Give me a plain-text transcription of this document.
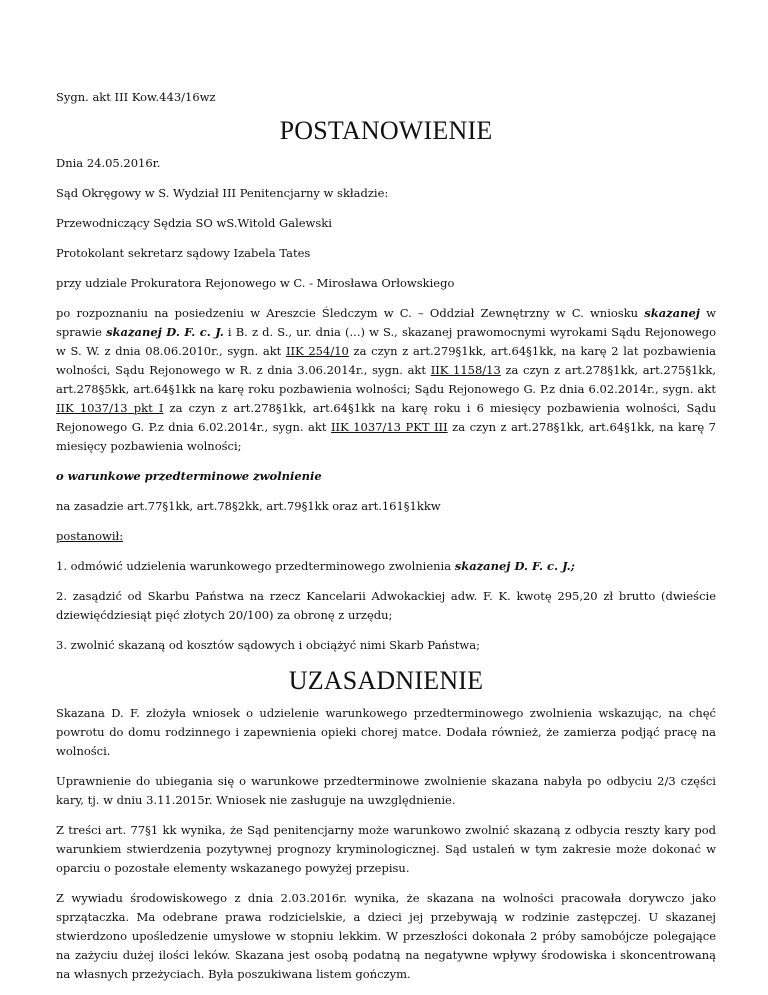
Sygn. akt III Kow.443/16wz

POSTANOWIENIE

Dnia 24.05.2016r.

Sąd Okręgowy w S. Wydział III Penitencjarny w składzie:

Przewodniczący Sędzia SO wS.Witold Galewski

Protokolant sekretarz sądowy Izabela Tates

przy udziale Prokuratora Rejonowego w C. - Mirosława Orłowskiego

po rozpoznaniu na posiedzeniu w Areszcie Śledczym w C. – Oddział Zewnętrzny w C. wniosku skazanej w sprawie skazanej D. F. c. J. i B. z d. S., ur. dnia (...) w S., skazanej prawomocnymi wyrokami Sądu Rejonowego w S. W. z dnia 08.06.2010r., sygn. akt IIK 254/10 za czyn z art.279§1kk, art.64§1kk, na karę 2 lat pozbawienia wolności, Sądu Rejonowego w R. z dnia 3.06.2014r., sygn. akt IIK 1158/13 za czyn z art.278§1kk, art.275§1kk, art.278§5kk, art.64§1kk na karę roku pozbawienia wolności; Sądu Rejonowego G. P.z dnia 6.02.2014r., sygn. akt IIK 1037/13 pkt I za czyn z art.278§1kk, art.64§1kk na karę roku i 6 miesięcy pozbawienia wolności, Sądu Rejonowego G. P.z dnia 6.02.2014r., sygn. akt IIK 1037/13 PKT III za czyn z art.278§1kk, art.64§1kk, na karę 7 miesięcy pozbawienia wolności;

o warunkowe przedterminowe zwolnienie

na zasadzie art.77§1kk, art.78§2kk, art.79§1kk oraz art.161§1kkw

postanowił:

1. odmówić udzielenia warunkowego przedterminowego zwolnienia skazanej D. F. c. J.;

2. zasądzić od Skarbu Państwa na rzecz Kancelarii Adwokackiej adw. F. K. kwotę 295,20 zł brutto (dwieście dziewięćdziesiąt pięć złotych 20/100) za obronę z urzędu;

3. zwolnić skazaną od kosztów sądowych i obciążyć nimi Skarb Państwa;

UZASADNIENIE

Skazana D. F. złożyła wniosek o udzielenie warunkowego przedterminowego zwolnienia wskazując, na chęć powrotu do domu rodzinnego i zapewnienia opieki chorej matce. Dodała również, że zamierza podjąć pracę na wolności.

Uprawnienie do ubiegania się o warunkowe przedterminowe zwolnienie skazana nabyła po odbyciu 2/3 części kary, tj. w dniu 3.11.2015r. Wniosek nie zasługuje na uwzględnienie.

Z treści art. 77§1 kk wynika, że Sąd penitencjarny może warunkowo zwolnić skazaną z odbycia reszty kary pod warunkiem stwierdzenia pozytywnej prognozy kryminologicznej. Sąd ustaleń w tym zakresie może dokonać w oparciu o pozostałe elementy wskazanego powyżej przepisu.

Z wywiadu środowiskowego z dnia 2.03.2016r. wynika, że skazana na wolności pracowała dorywczo jako sprzątaczka. Ma odebrane prawa rodzicielskie, a dzieci jej przebywają w rodzinie zastępczej. U skazanej stwierdzono upośledzenie umysłowe w stopniu lekkim. W przeszłości dokonała 2 próby samobójcze polegające na zażyciu dużej ilości leków. Skazana jest osobą podatną na negatywne wpływy środowiska i skoncentrowaną na własnych przeżyciach. Była poszukiwana listem gończym.
